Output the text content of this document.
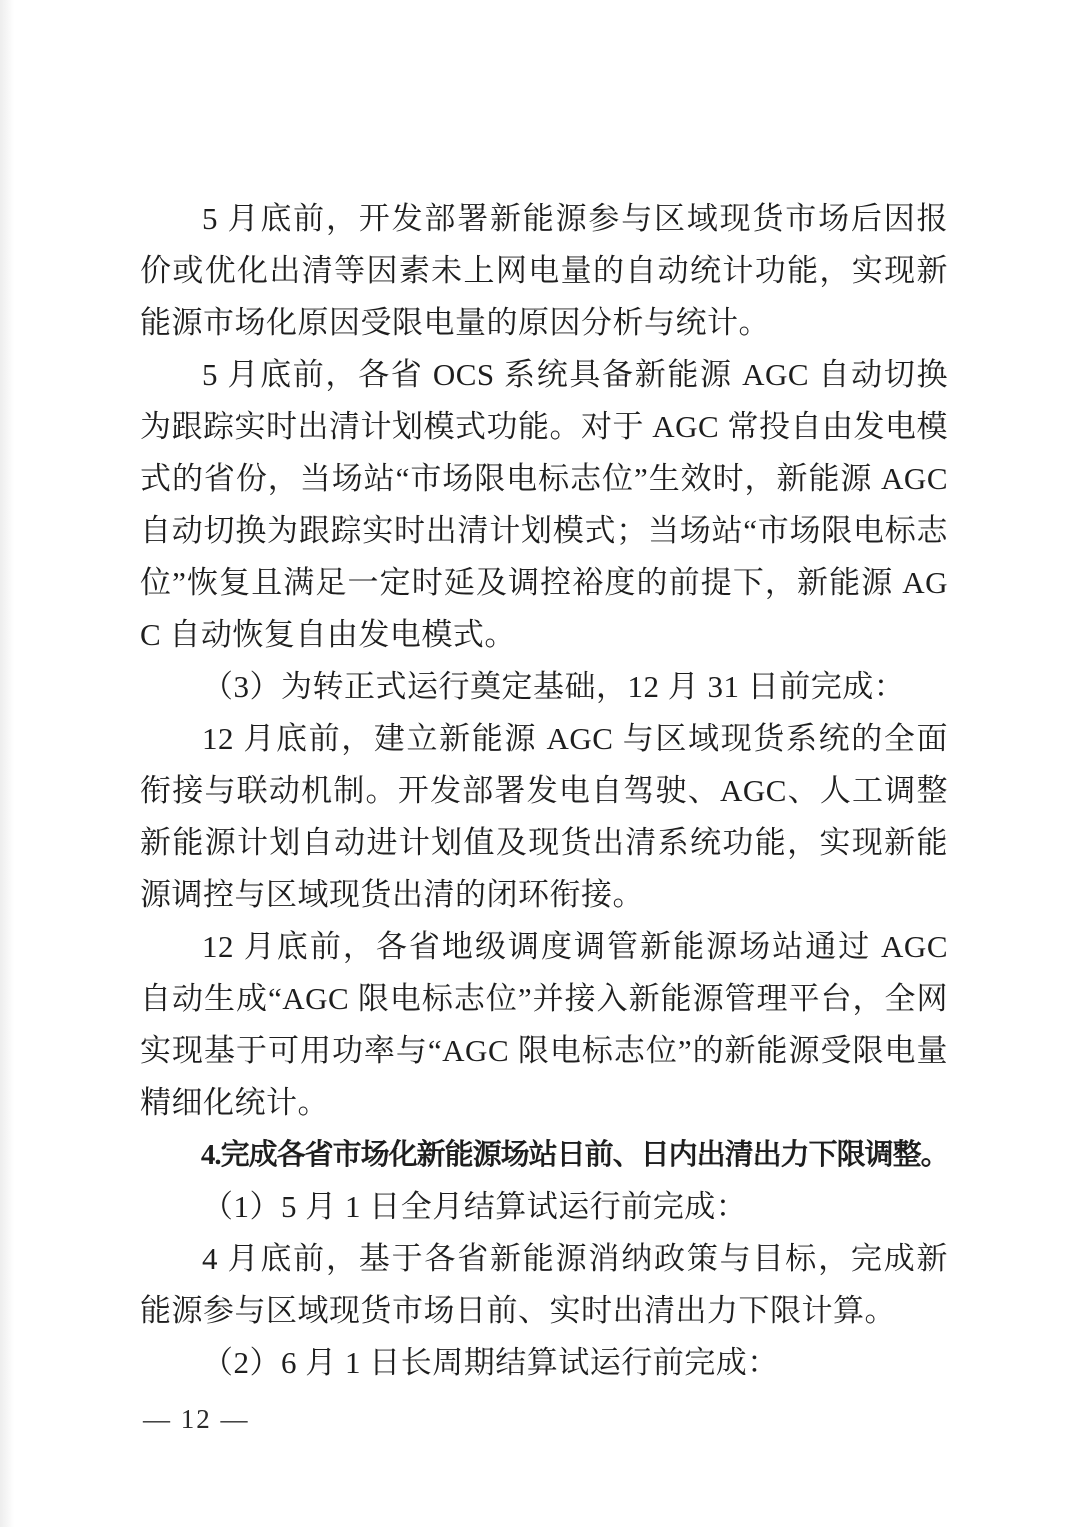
5 月底前，开发部署新能源参与区域现货市场后因报价或优化出清等因素未上网电量的自动统计功能，实现新能源市场化原因受限电量的原因分析与统计。

5 月底前，各省 OCS 系统具备新能源 AGC 自动切换为跟踪实时出清计划模式功能。对于 AGC 常投自由发电模式的省份，当场站“市场限电标志位”生效时，新能源 AGC 自动切换为跟踪实时出清计划模式；当场站“市场限电标志位”恢复且满足一定时延及调控裕度的前提下，新能源 AGC 自动恢复自由发电模式。

（3）为转正式运行奠定基础，12 月 31 日前完成：

12 月底前，建立新能源 AGC 与区域现货系统的全面衔接与联动机制。开发部署发电自驾驶、AGC、人工调整新能源计划自动进计划值及现货出清系统功能，实现新能源调控与区域现货出清的闭环衔接。

12 月底前，各省地级调度调管新能源场站通过 AGC 自动生成“AGC 限电标志位”并接入新能源管理平台，全网实现基于可用功率与“AGC 限电标志位”的新能源受限电量精细化统计。

4.完成各省市场化新能源场站日前、日内出清出力下限调整。

（1）5 月 1 日全月结算试运行前完成：

4 月底前，基于各省新能源消纳政策与目标，完成新能源参与区域现货市场日前、实时出清出力下限计算。

（2）6 月 1 日长周期结算试运行前完成：

— 12 —
